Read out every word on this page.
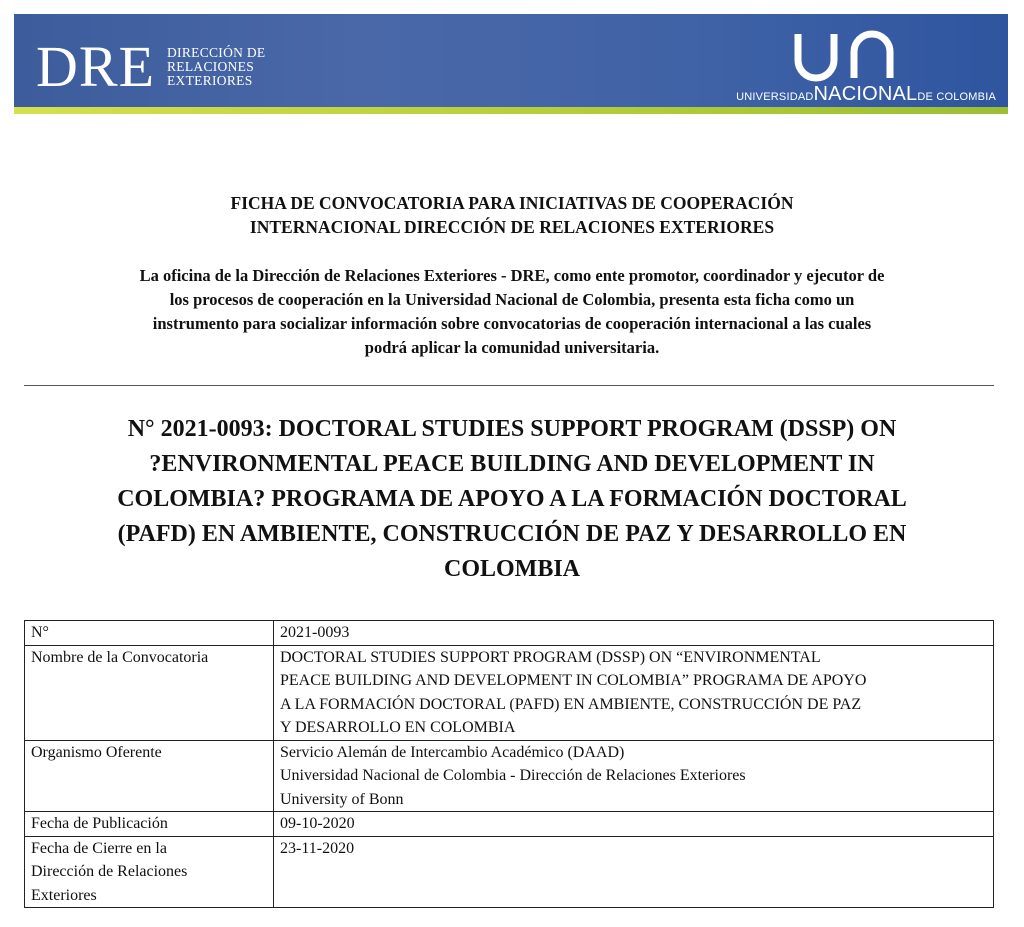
DRE DIRECCIÓN DE
RELACIONES
EXTERIORES
UNIVERSIDADNACIONALDE COLOMBIA
FICHA DE CONVOCATORIA PARA INICIATIVAS DE COOPERACIÓN
INTERNACIONAL DIRECCIÓN DE RELACIONES EXTERIORES
La oficina de la Dirección de Relaciones Exteriores - DRE, como ente promotor, coordinador y ejecutor de
los procesos de cooperación en la Universidad Nacional de Colombia, presenta esta ficha como un
instrumento para socializar información sobre convocatorias de cooperación internacional a las cuales
podrá aplicar la comunidad universitaria.
N° 2021-0093: DOCTORAL STUDIES SUPPORT PROGRAM (DSSP) ON
?ENVIRONMENTAL PEACE BUILDING AND DEVELOPMENT IN
COLOMBIA? PROGRAMA DE APOYO A LA FORMACIÓN DOCTORAL
(PAFD) EN AMBIENTE, CONSTRUCCIÓN DE PAZ Y DESARROLLO EN
COLOMBIA
N°	2021-0093
Nombre de la Convocatoria	DOCTORAL STUDIES SUPPORT PROGRAM (DSSP) ON “ENVIRONMENTAL
PEACE BUILDING AND DEVELOPMENT IN COLOMBIA” PROGRAMA DE APOYO
A LA FORMACIÓN DOCTORAL (PAFD) EN AMBIENTE, CONSTRUCCIÓN DE PAZ
Y DESARROLLO EN COLOMBIA

Organismo Oferente	Servicio Alemán de Intercambio Académico (DAAD)
Universidad Nacional de Colombia - Dirección de Relaciones Exteriores
University of Bonn

Fecha de Publicación	09-10-2020

Fecha de Cierre en la
Dirección de Relaciones
Exteriores	23-11-2020
